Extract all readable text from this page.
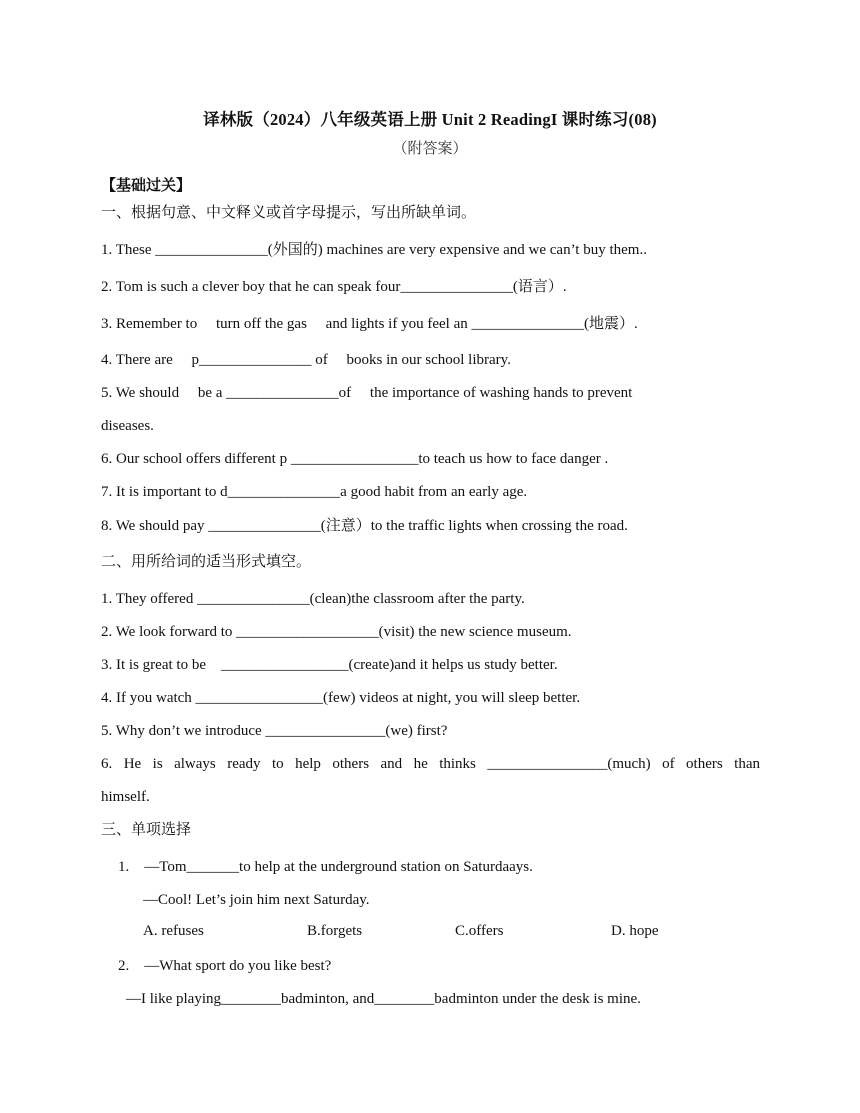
译林版（2024）八年级英语上册 Unit 2 ReadingI 课时练习(08)
（附答案）
【基础过关】
一、根据句意、中文释义或首字母提示，写出所缺单词。
1. These _______________(外国的) machines are very expensive and we can’t buy them..
2. Tom is such a clever boy that he can speak four_______________(语言）.
3. Remember to     turn off the gas     and lights if you feel an _______________(地震）.
4. There are     p_______________ of     books in our school library.
5. We should     be a _______________of     the importance of washing hands to prevent
diseases.
6. Our school offers different p _________________to teach us how to face danger .
7. It is important to d_______________a good habit from an early age.
8. We should pay _______________(注意）to the traffic lights when crossing the road.
二、用所给词的适当形式填空。
1. They offered _______________(clean)the classroom after the party.
2. We look forward to ___________________(visit) the new science museum.
3. It is great to be    _________________(create)and it helps us study better.
4. If you watch _________________(few) videos at night, you will sleep better.
5. Why don’t we introduce ________________(we) first?
6. He is always ready to help others and he thinks ________________(much) of others than
himself.
三、单项选择
1.    —Tom_______to help at the underground station on Saturdaays.
—Cool! Let’s join him next Saturday.
A. refuses	B.forgets	C.offers	D. hope
2.    —What sport do you like best?
—I like playing________badminton, and________badminton under the desk is mine.
